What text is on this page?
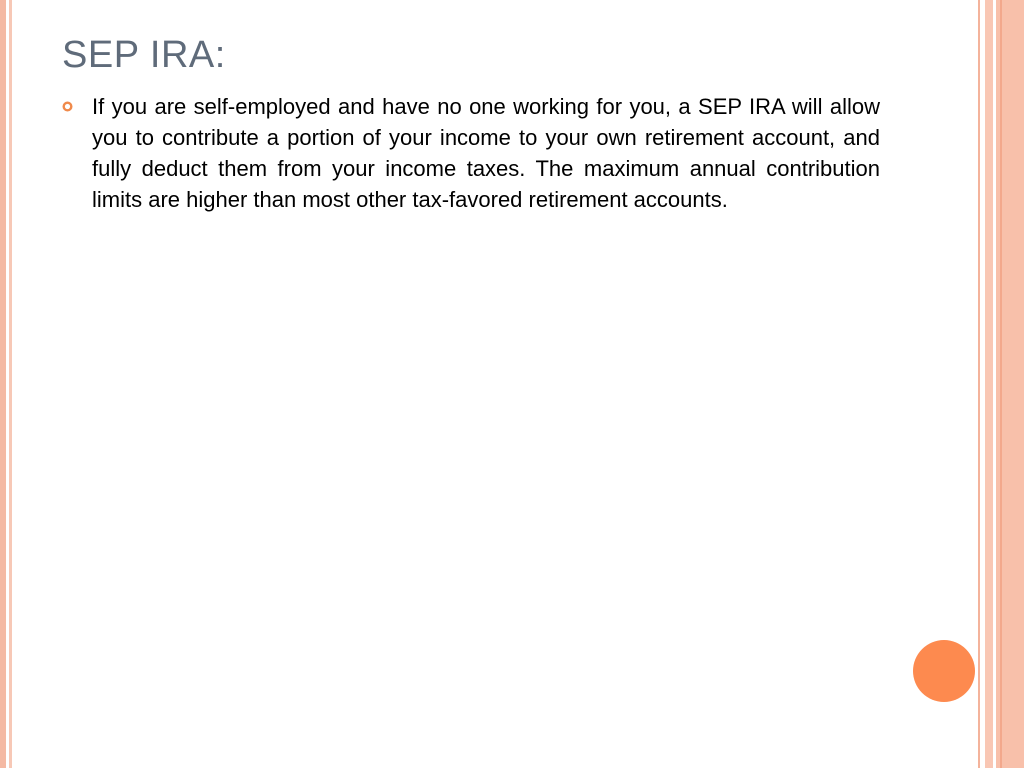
SEP IRA:
If you are self-employed and have no one working for you, a SEP IRA will allow you to contribute a portion of your income to your own retirement account, and fully deduct them from your income taxes. The maximum annual contribution limits are higher than most other tax-favored retirement accounts.
